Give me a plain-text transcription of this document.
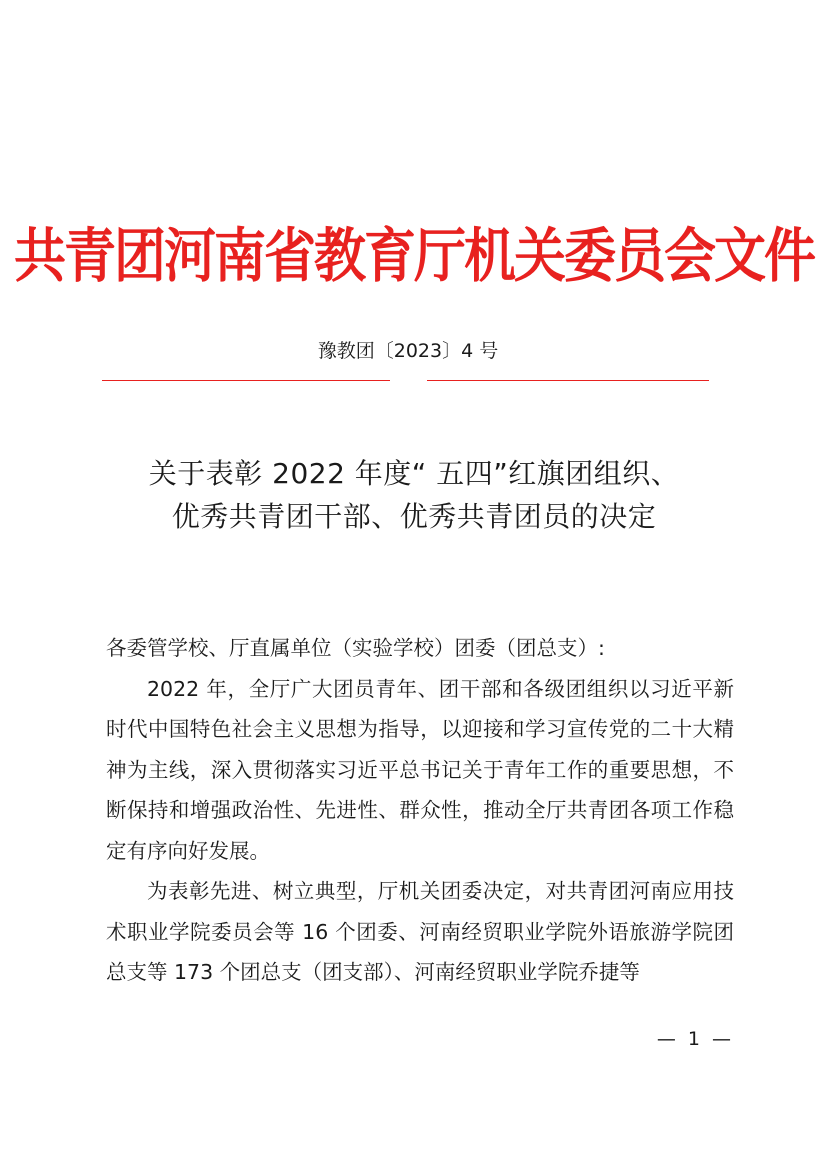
共青团河南省教育厅机关委员会文件
豫教团〔2023〕4 号
关于表彰 2022 年度“ 五四”红旗团组织、
优秀共青团干部、优秀共青团员的决定

各委管学校、厅直属单位（实验学校）团委（团总支）:

2022 年，全厅广大团员青年、团干部和各级团组织以习近平新时代中国特色社会主义思想为指导，以迎接和学习宣传党的二十大精神为主线，深入贯彻落实习近平总书记关于青年工作的重要思想，不断保持和增强政治性、先进性、群众性，推动全厅共青团各项工作稳定有序向好发展。

为表彰先进、树立典型，厅机关团委决定，对共青团河南应用技术职业学院委员会等 16 个团委、河南经贸职业学院外语旅游学院团总支等 173 个团总支（团支部）、河南经贸职业学院乔捷等

— 1 —
